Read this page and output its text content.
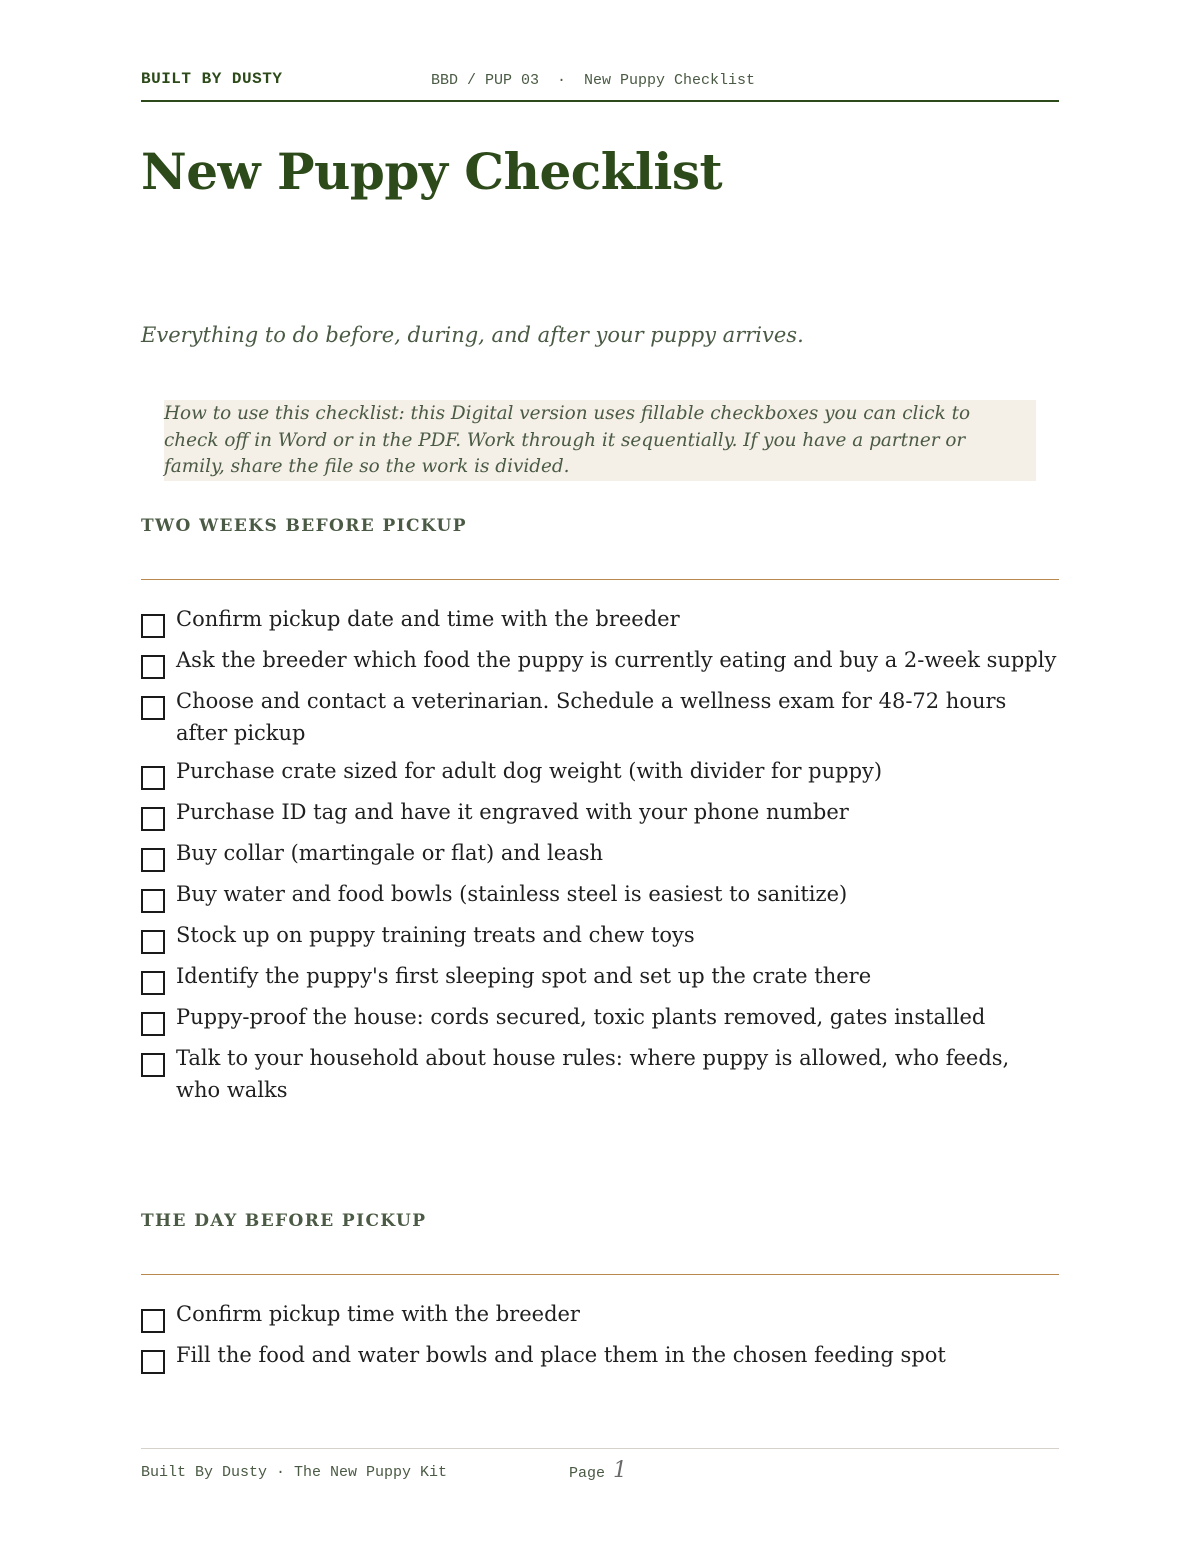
BUILT BY DUSTY	BBD / PUP 03  ·  New Puppy Checklist
New Puppy Checklist

Everything to do before, during, and after your puppy arrives.

How to use this checklist: this Digital version uses fillable checkboxes you can click to check off in Word or in the PDF. Work through it sequentially. If you have a partner or family, share the file so the work is divided.
TWO WEEKS BEFORE PICKUP
Confirm pickup date and time with the breeder
Ask the breeder which food the puppy is currently eating and buy a 2-week supply
Choose and contact a veterinarian. Schedule a wellness exam for 48-72 hours after pickup
Purchase crate sized for adult dog weight (with divider for puppy)
Purchase ID tag and have it engraved with your phone number
Buy collar (martingale or flat) and leash
Buy water and food bowls (stainless steel is easiest to sanitize)
Stock up on puppy training treats and chew toys
Identify the puppy's first sleeping spot and set up the crate there
Puppy-proof the house: cords secured, toxic plants removed, gates installed
Talk to your household about house rules: where puppy is allowed, who feeds, who walks
THE DAY BEFORE PICKUP
Confirm pickup time with the breeder
Fill the food and water bowls and place them in the chosen feeding spot
Built By Dusty · The New Puppy Kit	Page 1
